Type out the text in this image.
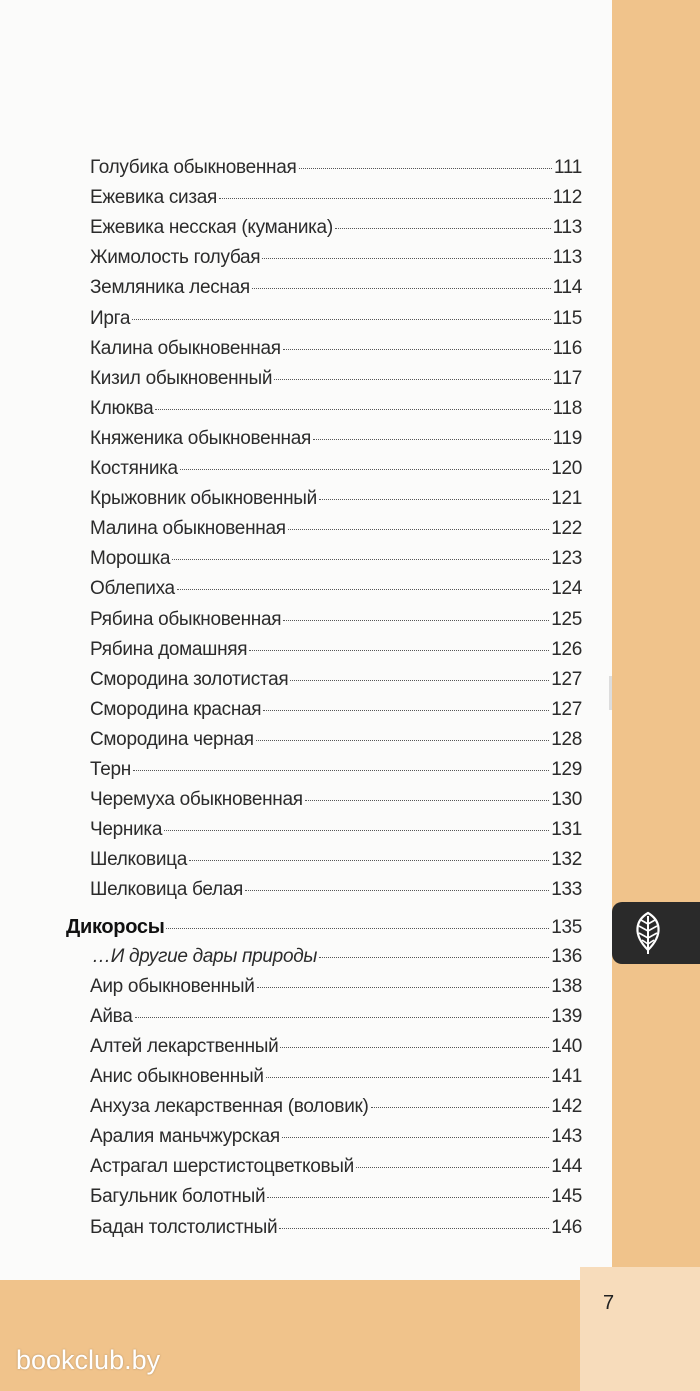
Голубика обыкновенная	111
Ежевика сизая	112
Ежевика несская (куманика)	113
Жимолость голубая	113
Земляника лесная	114
Ирга	115
Калина обыкновенная	116
Кизил обыкновенный	117
Клюква	118
Княженика обыкновенная	119
Костяника	120
Крыжовник обыкновенный	121
Малина обыкновенная	122
Морошка	123
Облепиха	124
Рябина обыкновенная	125
Рябина домашняя	126
Смородина золотистая	127
Смородина красная	127
Смородина черная	128
Терн	129
Черемуха обыкновенная	130
Черника	131
Шелковица	132
Шелковица белая	133
Дикоросы	135
…И другие дары природы	136
Аир обыкновенный	138
Айва	139
Алтей лекарственный	140
Анис обыкновенный	141
Анхуза лекарственная (воловик)	142
Аралия маньчжурская	143
Астрагал шерстистоцветковый	144
Багульник болотный	145
Бадан толстолистный	146
7
bookclub.by
